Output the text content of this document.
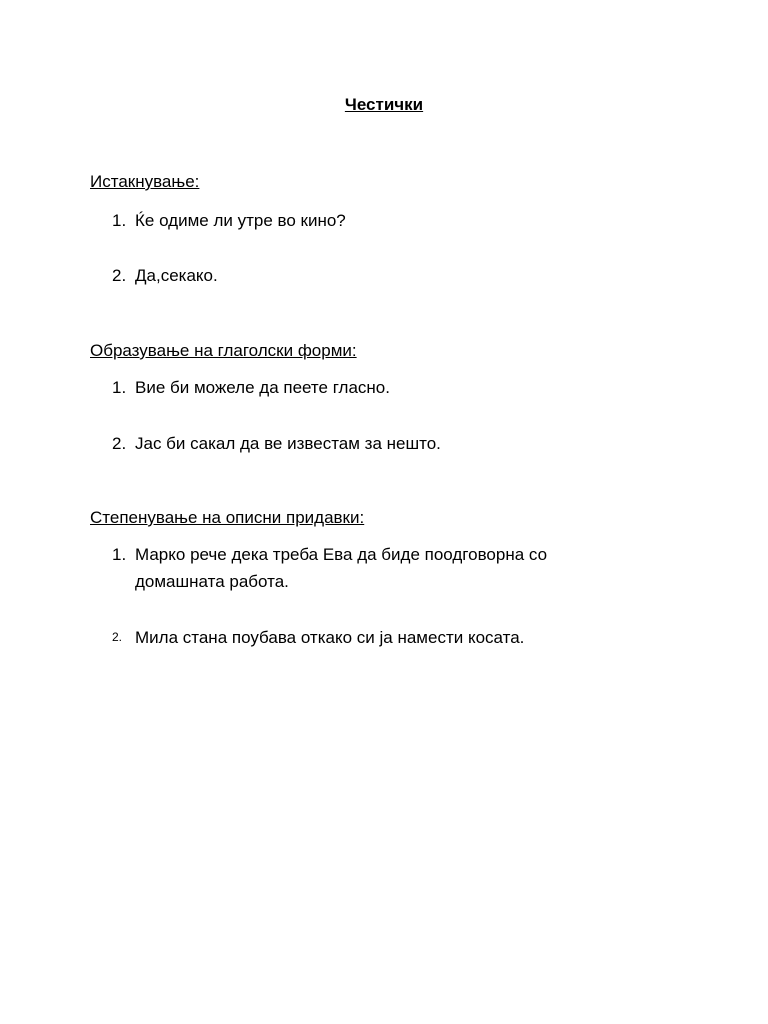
Честички
Истакнување:
1. Ќе одиме ли утре во кино?
2. Да,секако.
Образување на глаголски форми:
1. Вие би можеле да пеете гласно.
2. Јас би сакал да ве известам за нешто.
Степенување на описни придавки:
1. Марко рече дека треба Ева да биде поодговорна со домашната работа.
2. Мила стана поубава откако си ја намести косата.
